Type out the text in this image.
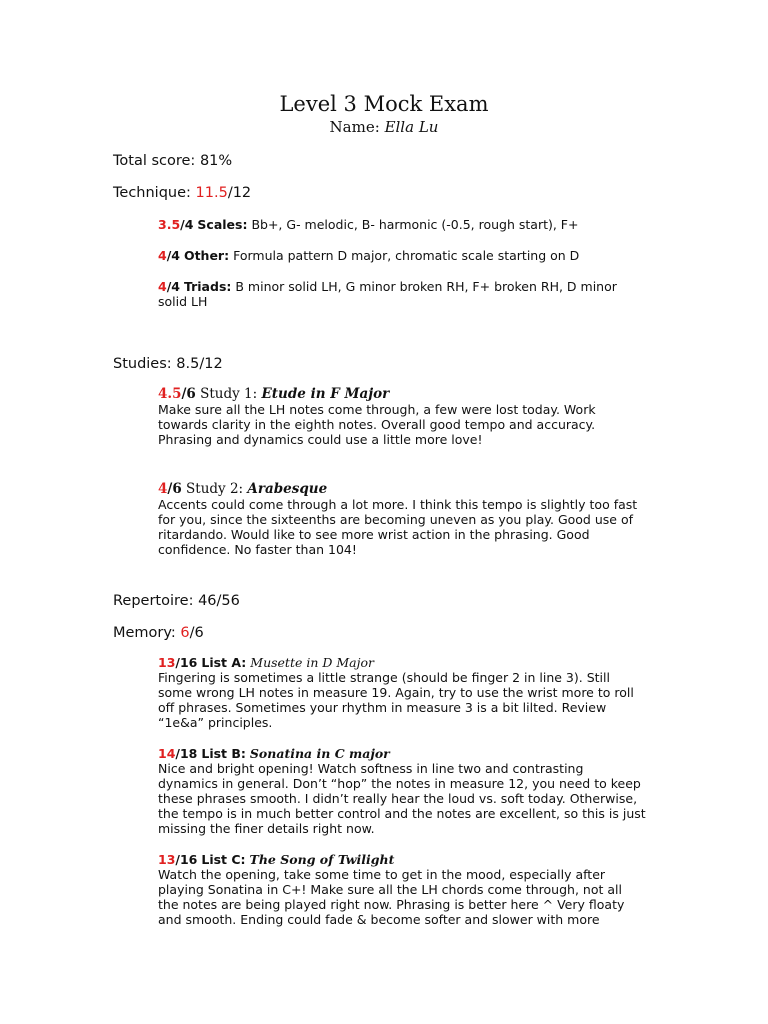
Level 3 Mock Exam
Name: Ella Lu
Total score: 81%
Technique: 11.5/12
3.5/4 Scales: Bb+, G- melodic, B- harmonic (-0.5, rough start), F+
4/4 Other: Formula pattern D major, chromatic scale starting on D
4/4 Triads: B minor solid LH, G minor broken RH, F+ broken RH, D minor
solid LH
Studies: 8.5/12
4.5/6 Study 1: Etude in F Major
Make sure all the LH notes come through, a few were lost today. Work
towards clarity in the eighth notes. Overall good tempo and accuracy.
Phrasing and dynamics could use a little more love!
4/6 Study 2: Arabesque
Accents could come through a lot more. I think this tempo is slightly too fast
for you, since the sixteenths are becoming uneven as you play. Good use of
ritardando. Would like to see more wrist action in the phrasing. Good
confidence. No faster than 104!
Repertoire: 46/56
Memory: 6/6
13/16 List A: Musette in D Major
Fingering is sometimes a little strange (should be finger 2 in line 3). Still
some wrong LH notes in measure 19. Again, try to use the wrist more to roll
off phrases. Sometimes your rhythm in measure 3 is a bit lilted. Review
“1e&a” principles.
14/18 List B: Sonatina in C major
Nice and bright opening! Watch softness in line two and contrasting
dynamics in general. Don’t “hop” the notes in measure 12, you need to keep
these phrases smooth. I didn’t really hear the loud vs. soft today. Otherwise,
the tempo is in much better control and the notes are excellent, so this is just
missing the finer details right now.
13/16 List C: The Song of Twilight
Watch the opening, take some time to get in the mood, especially after
playing Sonatina in C+! Make sure all the LH chords come through, not all
the notes are being played right now. Phrasing is better here ^ Very floaty
and smooth. Ending could fade & become softer and slower with more
